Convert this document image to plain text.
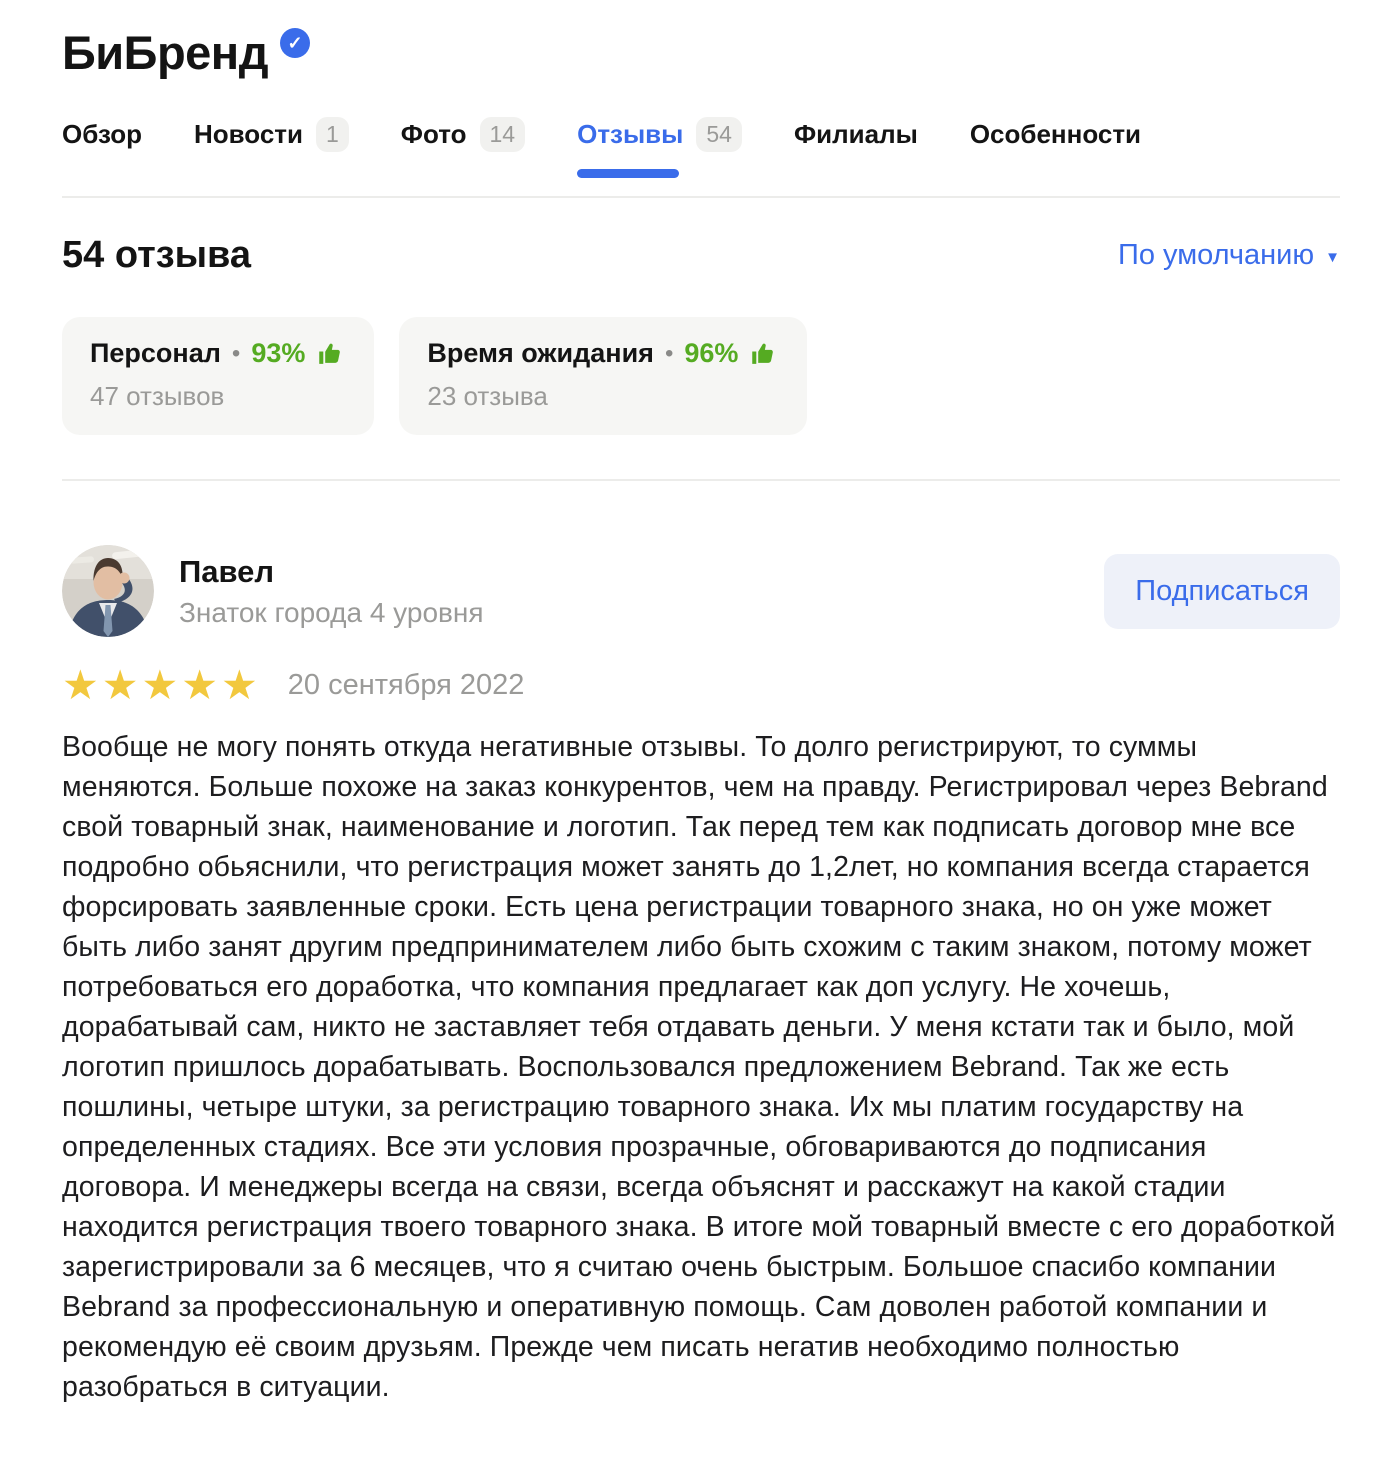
БиБренд	✓
Обзор Новости	1	Фото	14	Отзывы	54	Филиалы Особенности
54 отзыва	По умолчанию ▼
Персонал • 93%
47 отзывов
Время ожидания • 96%
23 отзыва
Павел
Знаток города 4 уровня
Подписаться
★★★★★ 20 сентября 2022

Вообще не могу понять откуда негативные отзывы. То долго регистрируют, то суммы меняются. Больше похоже на заказ конкурентов, чем на правду. Регистрировал через Bebrand свой товарный знак, наименование и логотип. Так перед тем как подписать договор мне все подробно обьяснили, что регистрация может занять до 1,2лет, но компания всегда старается форсировать заявленные сроки. Есть цена регистрации товарного знака, но он уже может быть либо занят другим предпринимателем либо быть схожим с таким знаком, потому может потребоваться его доработка, что компания предлагает как доп услугу. Не хочешь, дорабатывай сам, никто не заставляет тебя отдавать деньги. У меня кстати так и было, мой логотип пришлось дорабатывать. Воспользовался предложением Bebrand. Так же есть пошлины, четыре штуки, за регистрацию товарного знака. Их мы платим государству на определенных стадиях. Все эти условия прозрачные, обговариваются до подписания договора. И менеджеры всегда на связи, всегда объяснят и расскажут на какой стадии находится регистрация твоего товарного знака. В итоге мой товарный вместе с его доработкой зарегистрировали за 6 месяцев, что я считаю очень быстрым. Большое спасибо компании Bebrand за профессиональную и оперативную помощь. Сам доволен работой компании и рекомендую её своим друзьям. Прежде чем писать негатив необходимо полностью разобраться в ситуации.
